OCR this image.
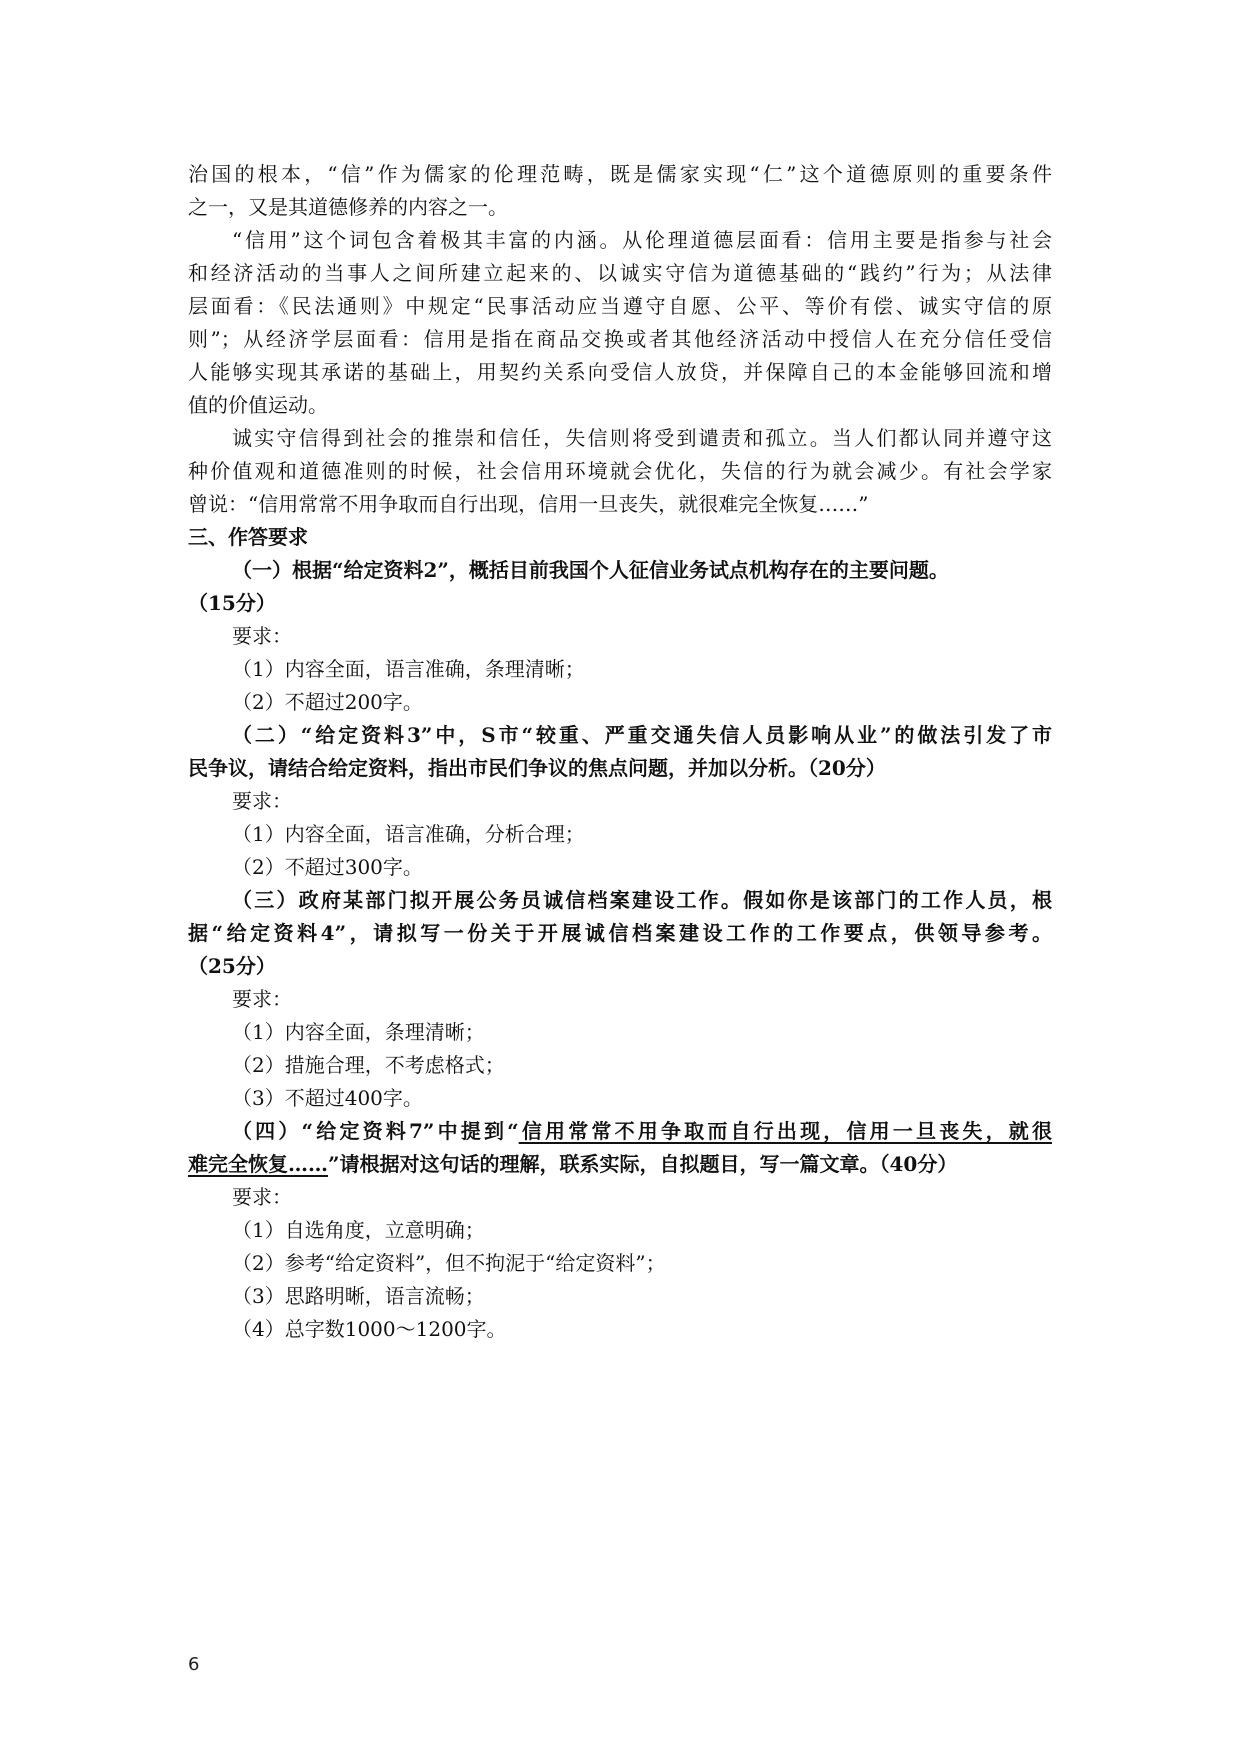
治国的根本，“信”作为儒家的伦理范畴，既是儒家实现“仁”这个道德原则的重要条件
之一，又是其道德修养的内容之一。
“信用”这个词包含着极其丰富的内涵。从伦理道德层面看：信用主要是指参与社会
和经济活动的当事人之间所建立起来的、以诚实守信为道德基础的“践约”行为；从法律
层面看：《民法通则》中规定“民事活动应当遵守自愿、公平、等价有偿、诚实守信的原
则”；从经济学层面看：信用是指在商品交换或者其他经济活动中授信人在充分信任受信
人能够实现其承诺的基础上，用契约关系向受信人放贷，并保障自己的本金能够回流和增
值的价值运动。
诚实守信得到社会的推崇和信任，失信则将受到谴责和孤立。当人们都认同并遵守这
种价值观和道德准则的时候，社会信用环境就会优化，失信的行为就会减少。有社会学家
曾说：“信用常常不用争取而自行出现，信用一旦丧失，就很难完全恢复……”
三、作答要求
（一）根据“给定资料2”，概括目前我国个人征信业务试点机构存在的主要问题。
（15分）
要求：
（1）内容全面，语言准确，条理清晰；
（2）不超过200字。
（二）“给定资料3”中，S市“较重、严重交通失信人员影响从业”的做法引发了市
民争议，请结合给定资料，指出市民们争议的焦点问题，并加以分析。（20分）
要求：
（1）内容全面，语言准确，分析合理；
（2）不超过300字。
（三）政府某部门拟开展公务员诚信档案建设工作。假如你是该部门的工作人员，根
据“给定资料4”，请拟写一份关于开展诚信档案建设工作的工作要点，供领导参考。
（25分）
要求：
（1）内容全面，条理清晰；
（2）措施合理，不考虑格式；
（3）不超过400字。
（四）“给定资料7”中提到“信用常常不用争取而自行出现，信用一旦丧失，就很
难完全恢复……”请根据对这句话的理解，联系实际，自拟题目，写一篇文章。（40分）
要求：
（1）自选角度，立意明确；
（2）参考“给定资料”，但不拘泥于“给定资料”；
（3）思路明晰，语言流畅；
（4）总字数1000～1200字。
6
